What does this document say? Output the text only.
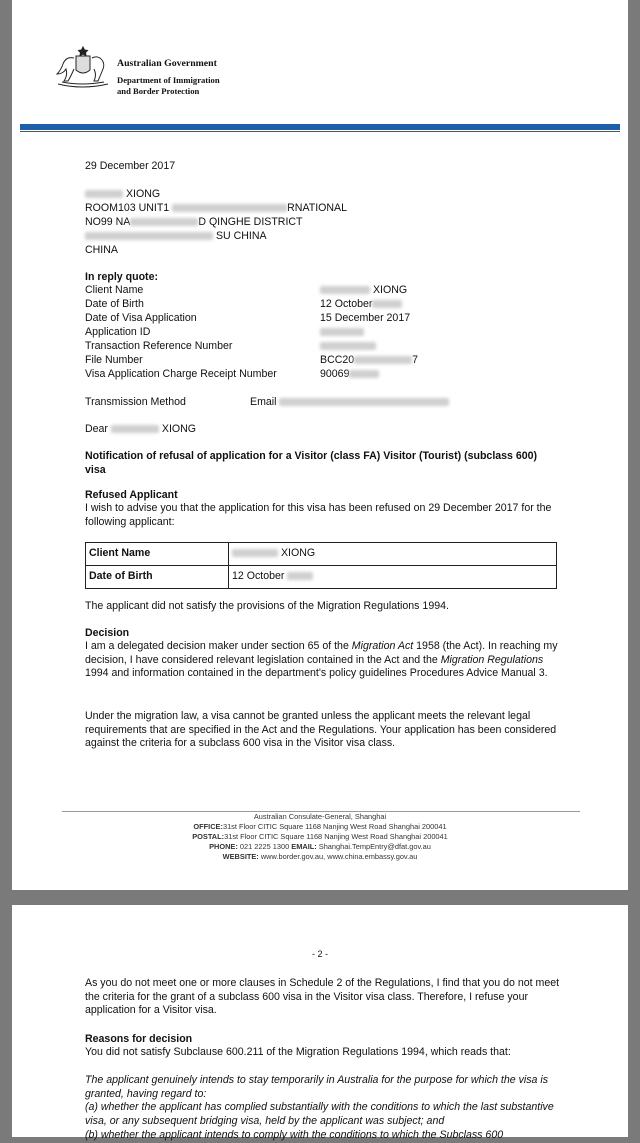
Australian Government
Department of Immigration
and Border Protection
29 December 2017
XIONG
ROOM103 UNIT1	RNATIONAL
NO99 NA	D QINGHE DISTRICT
SU CHINA
CHINA
In reply quote:
Client Name	XIONG
Date of Birth	12 October
Date of Visa Application	15 December 2017
Application ID
Transaction Reference Number
File Number	BCC20	7
Visa Application Charge Receipt Number	90069
Transmission Method	Email
Dear	XIONG
Notification of refusal of application for a Visitor (class FA) Visitor (Tourist) (subclass 600) visa
Refused Applicant
I wish to advise you that the application for this visa has been refused on 29 December 2017 for the following applicant:
Client Name	XIONG
Date of Birth	12 October
The applicant did not satisfy the provisions of the Migration Regulations 1994.
Decision
I am a delegated decision maker under section 65 of the Migration Act 1958 (the Act). In reaching my decision, I have considered relevant legislation contained in the Act and the Migration Regulations 1994 and information contained in the department's policy guidelines Procedures Advice Manual 3.
Under the migration law, a visa cannot be granted unless the applicant meets the relevant legal requirements that are specified in the Act and the Regulations. Your application has been considered against the criteria for a subclass 600 visa in the Visitor visa class.
Australian Consulate-General, Shanghai
OFFICE:31st Floor CITIC Square 1168 Nanjing West Road Shanghai 200041
POSTAL:31st Floor CITIC Square 1168 Nanjing West Road Shanghai 200041
PHONE: 021 2225 1300 EMAIL: Shanghai.TempEntry@dfat.gov.au
WEBSITE: www.border.gov.au, www.china.embassy.gov.au
- 2 -
As you do not meet one or more clauses in Schedule 2 of the Regulations, I find that you do not meet the criteria for the grant of a subclass 600 visa in the Visitor visa class. Therefore, I refuse your application for a Visitor visa.
Reasons for decision
You did not satisfy Subclause 600.211 of the Migration Regulations 1994, which reads that:
The applicant genuinely intends to stay temporarily in Australia for the purpose for which the visa is granted, having regard to:
(a) whether the applicant has complied substantially with the conditions to which the last substantive visa, or any subsequent bridging visa, held by the applicant was subject; and
(b) whether the applicant intends to comply with the conditions to which the Subclass 600
